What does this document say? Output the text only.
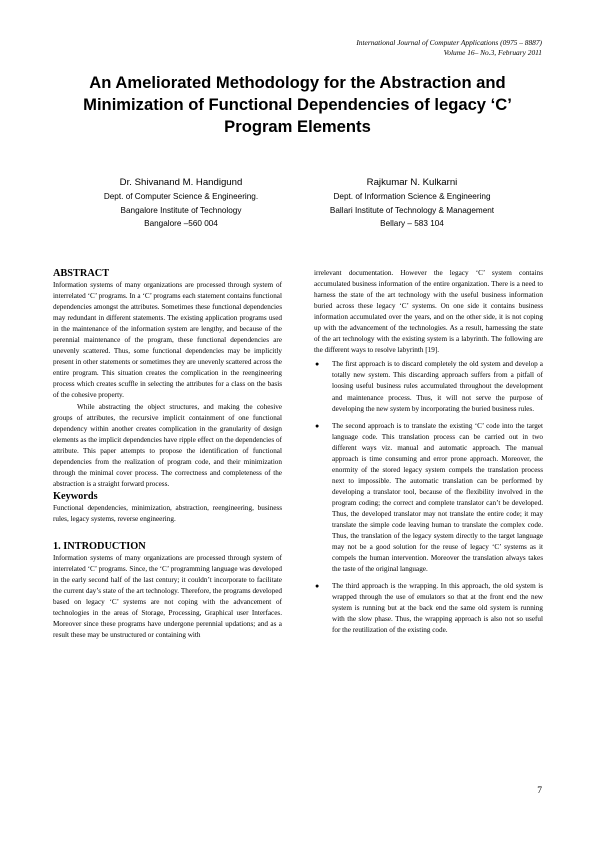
International Journal of Computer Applications (0975 – 8887)
Volume 16– No.3, February 2011
An Ameliorated Methodology for the Abstraction and
Minimization of Functional Dependencies of legacy ‘C’
Program Elements
Dr. Shivanand M. Handigund
Dept. of Computer Science & Engineering.
Bangalore Institute of Technology
Bangalore –560 004
Rajkumar N. Kulkarni
Dept. of Information Science & Engineering
Ballari Institute of Technology & Management
Bellary – 583 104
ABSTRACT

Information systems of many organizations are processed through system of interrelated ‘C’ programs. In a ‘C’ programs each statement contains functional dependencies amongst the attributes. Sometimes these functional dependencies may redundant in different statements. The existing application programs used in the maintenance of the information system are lengthy, and because of the perennial maintenance of the program, these functional dependencies are unevenly scattered. Thus, some functional dependencies may be implicitly present in other statements or sometimes they are unevenly scattered across the entire program. This situation creates the complication in the reengineering process which creates scuffle in selecting the attributes for a class on the basis of the cohesive property.

While abstracting the object structures, and making the cohesive groups of attributes, the recursive implicit containment of one functional dependency within another creates complication in the granularity of design elements as the implicit dependencies have ripple effect on the dependencies of attribute. This paper attempts to propose the identification of functional dependencies from the realization of program code, and their minimization through the minimal cover process. The correctness and completeness of the abstraction is a straight forward process.

Keywords

Functional dependencies, minimization, abstraction, reengineering, business rules, legacy systems, reverse engineering.

1. INTRODUCTION

Information systems of many organizations are processed through system of interrelated ‘C’ programs. Since, the ‘C’ programming language was developed in the early second half of the last century; it couldn’t incorporate to facilitate the current day’s state of the art technology. Therefore, the programs developed based on legacy ‘C’ systems are not coping with the advancement of technologies in the areas of Storage, Processing, Graphical user Interfaces. Moreover since these programs have undergone perennial updations; and as a result these may be unstructured or containing with

irrelevant documentation. However the legacy ‘C’ system contains accumulated business information of the entire organization. There is a need to harness the state of the art technology with the useful business information buried across these legacy ‘C’ systems. On one side it contains business information accumulated over the years, and on the other side, it is not coping up with the advancement of the technologies. As a result, harnessing the state of the art technology with the existing system is a labyrinth. The following are the different ways to resolve labyrinth [19].

● The first approach is to discard completely the old system and develop a totally new system. This discarding approach suffers from a pitfall of loosing useful business rules accumulated throughout the development and maintenance process. Thus, it will not serve the purpose of developing the new system by incorporating the buried business rules.
● The second approach is to translate the existing ‘C’ code into the target language code. This translation process can be carried out in two different ways viz. manual and automatic approach. The manual approach is time consuming and error prone approach. Moreover, the enormity of the stored legacy system compels the translation process next to impossible. The automatic translation can be performed by developing a translator tool, because of the flexibility involved in the program coding; the correct and complete translator can’t be developed. Thus, the developed translator may not translate the entire code; it may translate the simple code leaving human to translate the complex code. Thus, the translation of the legacy system directly to the target language may not be a good solution for the reuse of legacy ‘C’ systems as it compels the human intervention. Moreover the translation always takes the taste of the original language.
● The third approach is the wrapping. In this approach, the old system is wrapped through the use of emulators so that at the front end the new system is running but at the back end the same old system is running with the slow phase. Thus, the wrapping approach is also not so useful for the reutilization of the existing code.
7
